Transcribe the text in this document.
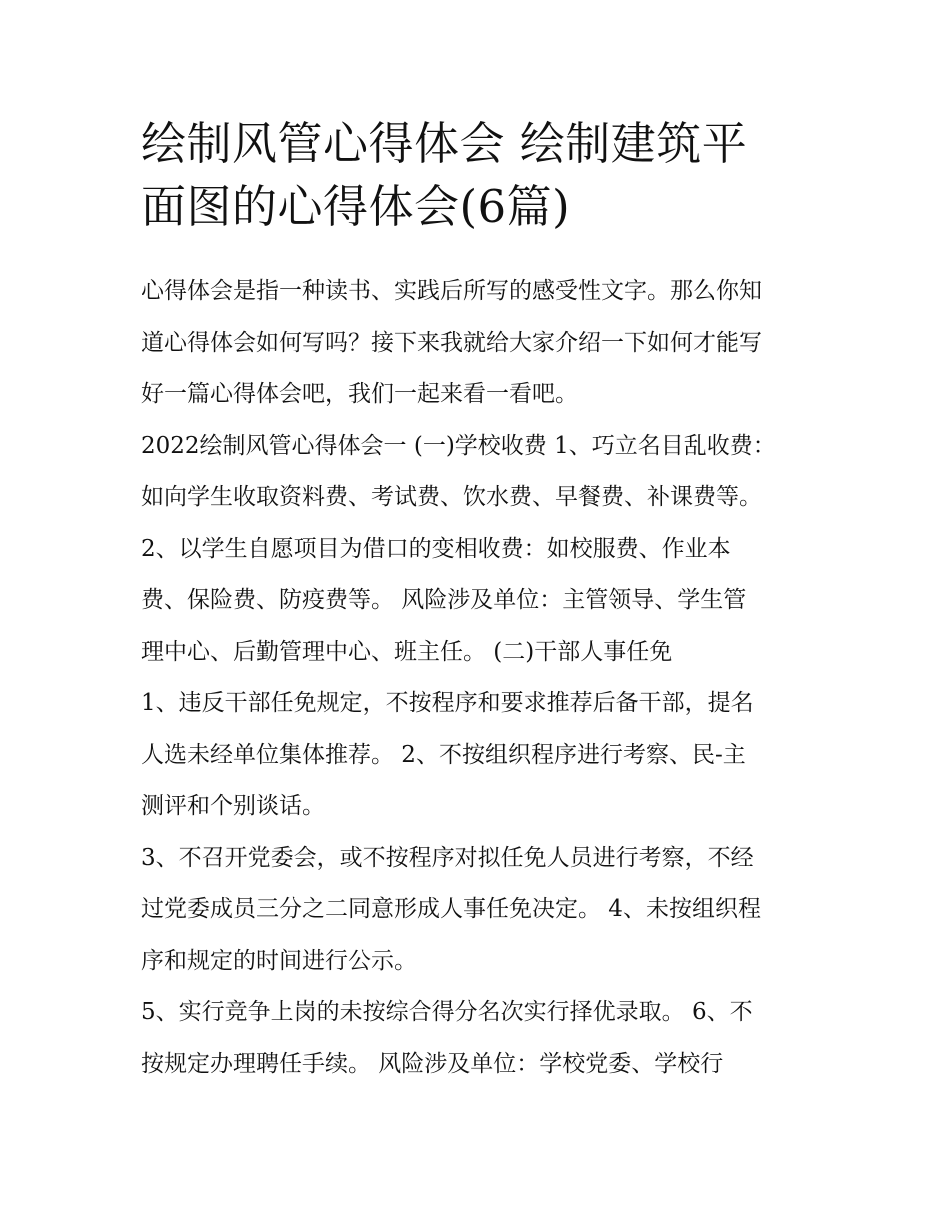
绘制风管心得体会 绘制建筑平
面图的心得体会(6篇)

心得体会是指一种读书、实践后所写的感受性文字。那么你知
道心得体会如何写吗？接下来我就给大家介绍一下如何才能写
好一篇心得体会吧，我们一起来看一看吧。

2022绘制风管心得体会一 (一)学校收费 1、巧立名目乱收费：
如向学生收取资料费、考试费、饮水费、早餐费、补课费等。

2、以学生自愿项目为借口的变相收费：如校服费、作业本
费、保险费、防疫费等。 风险涉及单位：主管领导、学生管
理中心、后勤管理中心、班主任。 (二)干部人事任免

1、违反干部任免规定，不按程序和要求推荐后备干部，提名
人选未经单位集体推荐。 2、不按组织程序进行考察、民-主
测评和个别谈话。

3、不召开党委会，或不按程序对拟任免人员进行考察，不经
过党委成员三分之二同意形成人事任免决定。 4、未按组织程
序和规定的时间进行公示。

5、实行竞争上岗的未按综合得分名次实行择优录取。 6、不
按规定办理聘任手续。 风险涉及单位：学校党委、学校行
